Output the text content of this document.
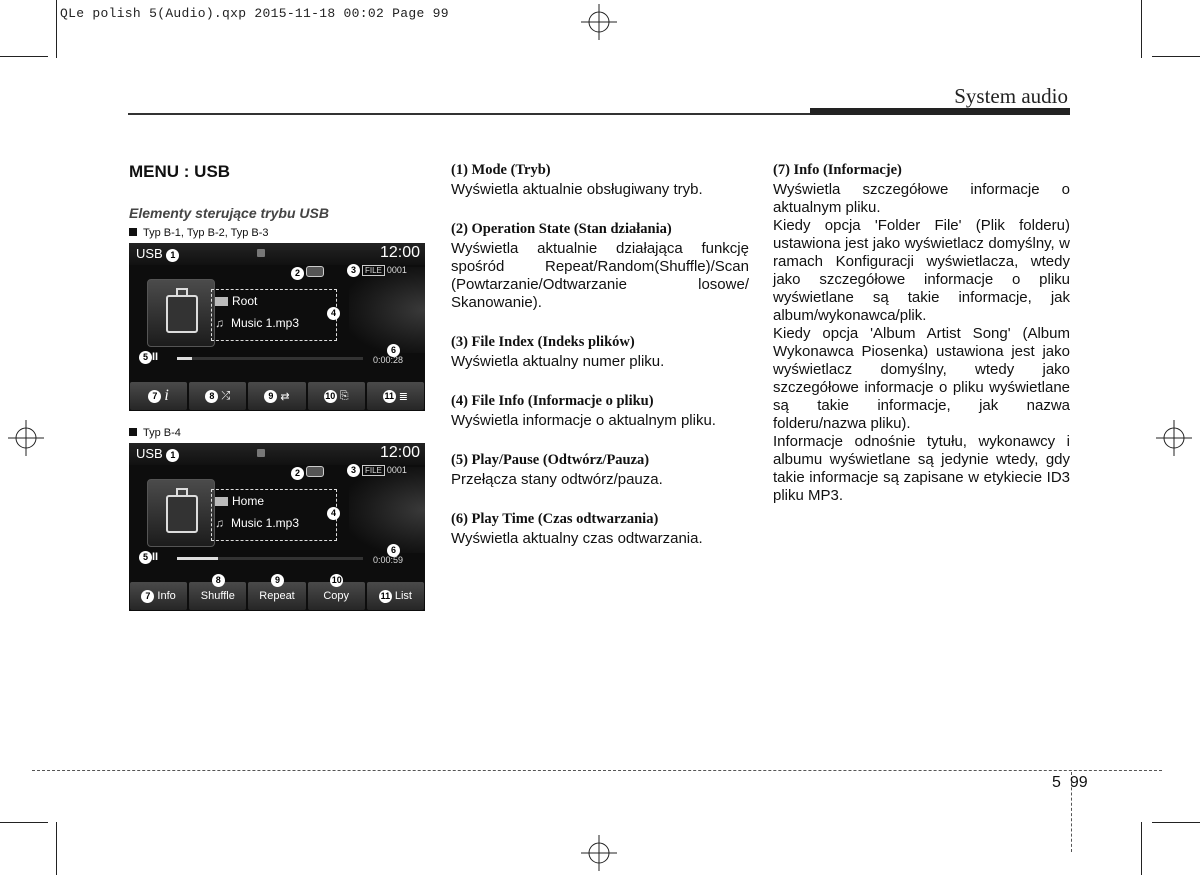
QLe polish 5(Audio).qxp 2015-11-18 00:02 Page 99
System audio
MENU : USB
Elementy sterujące trybu USB
Typ B-1, Typ B-2, Typ B-3
USB 1	12:00
2	3 FILE 0001
Root
♫ Music 1.mp3
4
5 II
6
0:00:28
7 i	8 ⤮	9 ⇄	10 ⎘	11 ≣
Typ B-4
USB 1	12:00
2	3 FILE 0001
Home
♫ Music 1.mp3
4
5 II
6
0:00:59
7 Info
8
Shuffle
9
Repeat
10
Copy	11 List
(1) Mode (Tryb)
Wyświetla aktualnie obsługiwany tryb.
(2) Operation State (Stan działania)
Wyświetla aktualnie działająca funkcję spośród Repeat/Random(Shuffle)/Scan (Powtarzanie/Odtwarzanie losowe/ Skanowanie).
(3) File Index (Indeks plików)
Wyświetla aktualny numer pliku.
(4) File Info (Informacje o pliku)
Wyświetla informacje o aktualnym pliku.
(5) Play/Pause (Odtwórz/Pauza)
Przełącza stany odtwórz/pauza.
(6) Play Time (Czas odtwarzania)
Wyświetla aktualny czas odtwarzania.
(7) Info (Informacje)
Wyświetla szczegółowe informacje o aktualnym pliku.
Kiedy opcja 'Folder File' (Plik folderu) ustawiona jest jako wyświetlacz domyślny, w ramach Konfiguracji wyświetlacza, wtedy jako szczegółowe informacje o pliku wyświetlane są takie informacje, jak album/wykonawca/plik.
Kiedy opcja 'Album Artist Song' (Album Wykonawca Piosenka) ustawiona jest jako wyświetlacz domyślny, wtedy jako szczegółowe informacje o pliku wyświetlane są takie informacje, jak nazwa folderu/nazwa pliku).
Informacje odnośnie tytułu, wykonawcy i albumu wyświetlane są jedynie wtedy, gdy takie informacje są zapisane w etykiecie ID3 pliku MP3.
5 99
